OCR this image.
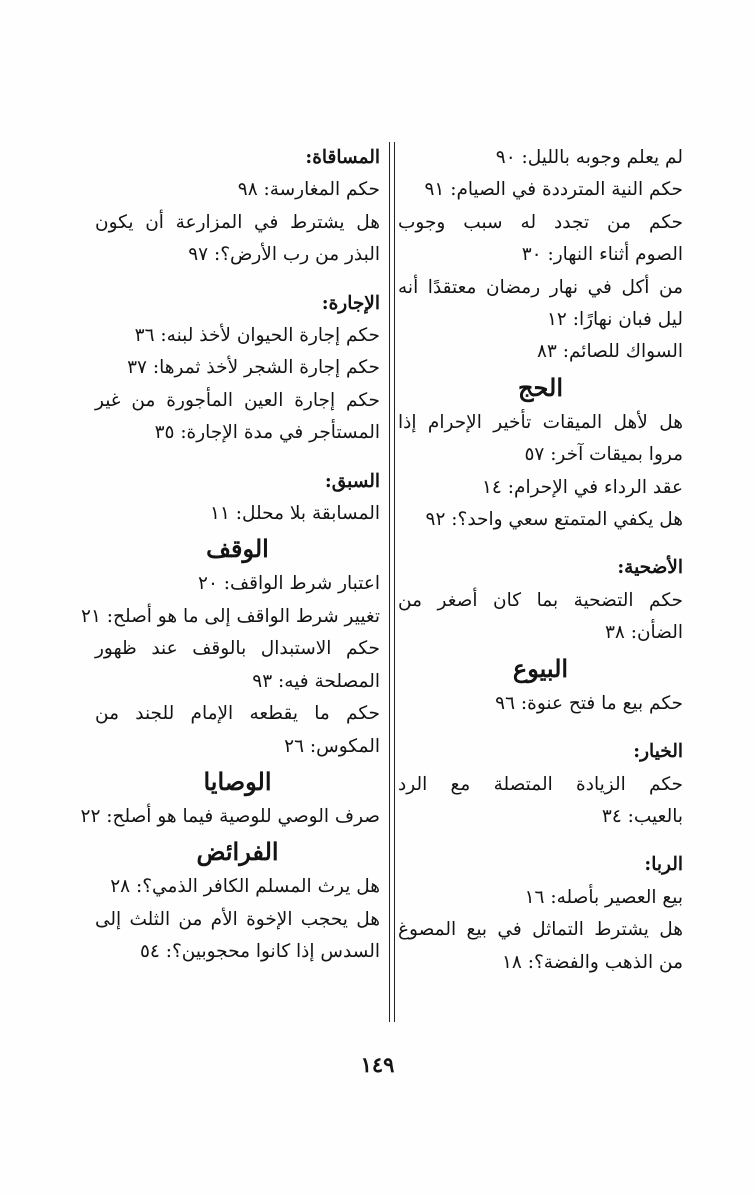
لم يعلم وجوبه بالليل: ٩٠
حكم النية المترددة في الصيام: ٩١
حكم من تجدد له سبب وجوب
الصوم أثناء النهار: ٣٠
من أكل في نهار رمضان معتقدًا أنه
ليل فبان نهارًا: ١٢
السواك للصائم: ٨٣
الحج
هل لأهل الميقات تأخير الإحرام إذا
مروا بميقات آخر: ٥٧
عقد الرداء في الإحرام: ١٤
هل يكفي المتمتع سعي واحد؟: ٩٢
الأضحية:
حكم التضحية بما كان أصغر من
الضأن: ٣٨
البيوع
حكم بيع ما فتح عنوة: ٩٦
الخيار:
حكم الزيادة المتصلة مع الرد
بالعيب: ٣٤
الربا:
بيع العصير بأصله: ١٦
هل يشترط التماثل في بيع المصوغ
من الذهب والفضة؟: ١٨
المساقاة:
حكم المغارسة: ٩٨
هل يشترط في المزارعة أن يكون
البذر من رب الأرض؟: ٩٧
الإجارة:
حكم إجارة الحيوان لأخذ لبنه: ٣٦
حكم إجارة الشجر لأخذ ثمرها: ٣٧
حكم إجارة العين المأجورة من غير
المستأجر في مدة الإجارة: ٣٥
السبق:
المسابقة بلا محلل: ١١
الوقف
اعتبار شرط الواقف: ٢٠
تغيير شرط الواقف إلى ما هو أصلح: ٢١
حكم الاستبدال بالوقف عند ظهور
المصلحة فيه: ٩٣
حكم ما يقطعه الإمام للجند من
المكوس: ٢٦
الوصايا
صرف الوصي للوصية فيما هو أصلح: ٢٢
الفرائض
هل يرث المسلم الكافر الذمي؟: ٢٨
هل يحجب الإخوة الأم من الثلث إلى
السدس إذا كانوا محجوبين؟: ٥٤
١٤٩
